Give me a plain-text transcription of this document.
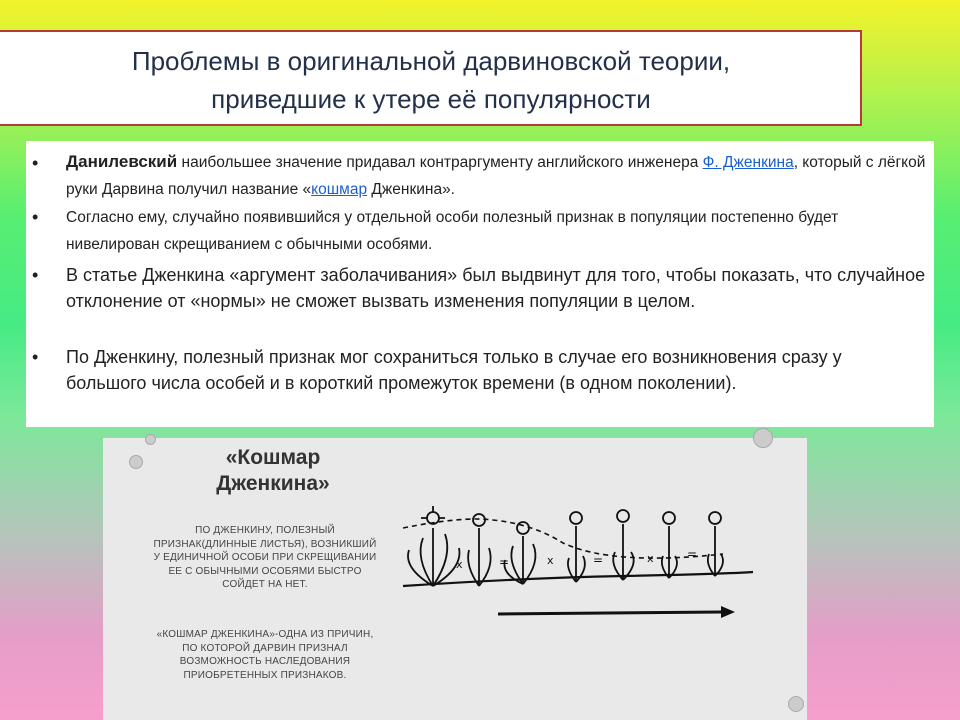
Проблемы в оригинальной дарвиновской теории,
приведшие к утере её популярности
• Данилевский наибольшее значение придавал контраргументу английского инженера Ф. Дженкина, который с лёгкой руки Дарвина получил название «кошмар Дженкина».
• Согласно ему, случайно появившийся у отдельной особи полезный признак в популяции постепенно будет нивелирован скрещиванием с обычными особями.
• В статье Дженкина «аргумент заболачивания» был выдвинут для того, чтобы показать, что случайное отклонение от «нормы» не сможет вызвать изменения популяции в целом.
• По Дженкину, полезный признак мог сохраниться только в случае его возникновения сразу у большого числа особей и в короткий промежуток времени (в одном поколении).
«Кошмар
Дженкина»
ПО ДЖЕНКИНУ, ПОЛЕЗНЫЙ ПРИЗНАК(ДЛИННЫЕ ЛИСТЬЯ), ВОЗНИКШИЙ У ЕДИНИЧНОЙ ОСОБИ ПРИ СКРЕЩИВАНИИ ЕЕ С ОБЫЧНЫМИ ОСОБЯМИ БЫСТРО СОЙДЕТ НА НЕТ.
«КОШМАР ДЖЕНКИНА»-ОДНА ИЗ ПРИЧИН, ПО КОТОРОЙ ДАРВИН ПРИЗНАЛ ВОЗМОЖНОСТЬ НАСЛЕДОВАНИЯ ПРИОБРЕТЕННЫХ ПРИЗНАКОВ.
x	=	x	=	x	=
